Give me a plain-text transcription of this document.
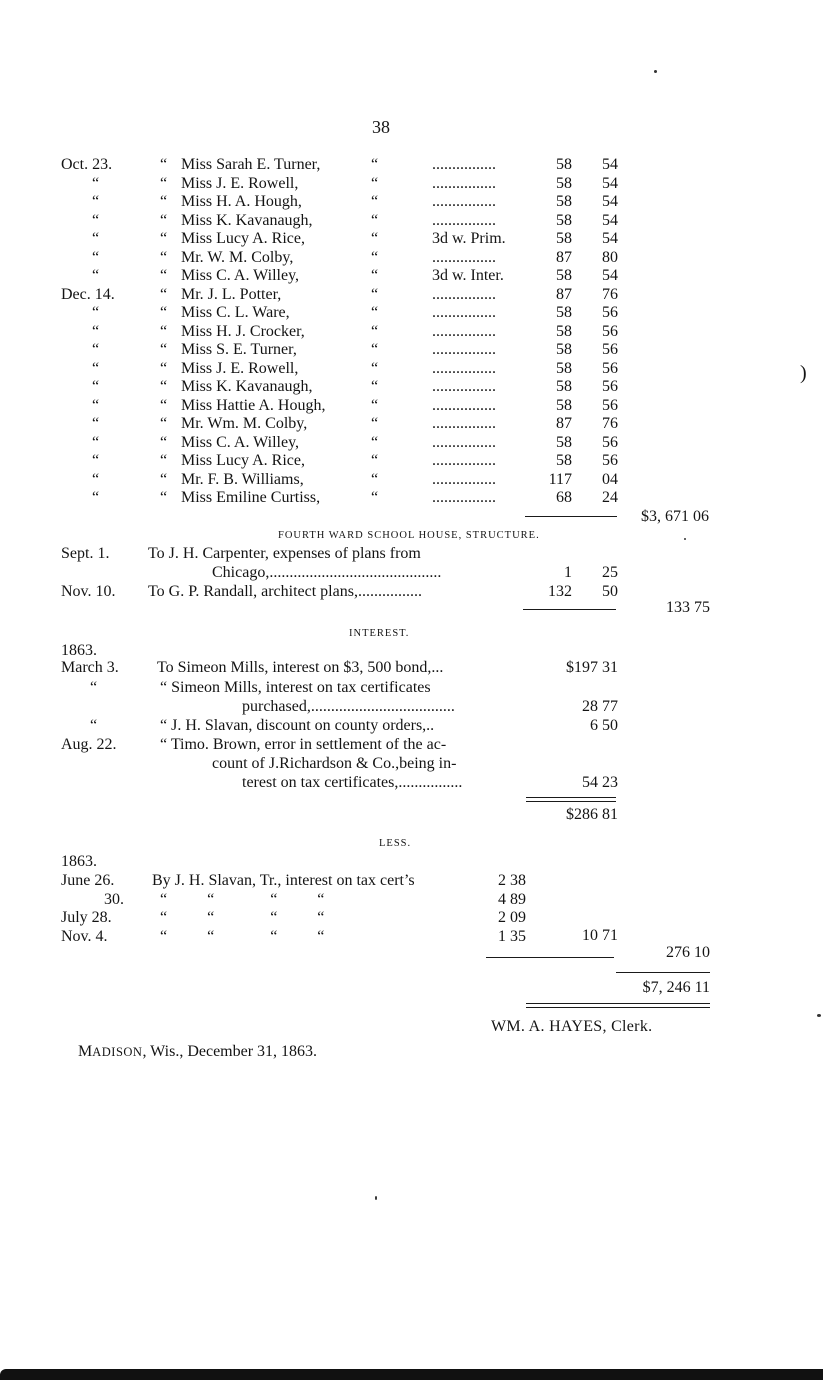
38
Oct. 23.	“ Miss Sarah E. Turner,	“	................	58	54
“	“ Miss J. E. Rowell,	“	................	58	54
“	“ Miss H. A. Hough,	“	................	58	54
“	“ Miss K. Kavanaugh,	“	................	58	54
“	“ Miss Lucy A. Rice,	“	3d w. Prim.	58	54
“	“ Mr. W. M. Colby,	“	................	87	80
“	“ Miss C. A. Willey,	“	3d w. Inter.	58	54
Dec. 14.	“ Mr. J. L. Potter,	“	................	87	76
“	“ Miss C. L. Ware,	“	................	58	56
“	“ Miss H. J. Crocker,	“	................	58	56
“	“ Miss S. E. Turner,	“	................	58	56
“	“ Miss J. E. Rowell,	“	................	58	56
“	“ Miss K. Kavanaugh,	“	................	58	56
“	“ Miss Hattie A. Hough,	“	................	58	56
“	“ Mr. Wm. M. Colby,	“	................	87	76
“	“ Miss C. A. Willey,	“	................	58	56
“	“ Miss Lucy A. Rice,	“	................	58	56
“	“ Mr. F. B. Williams,	“	................	117	04
“	“ Miss Emiline Curtiss,	“	................	68	24
$3, 671 06
FOURTH WARD SCHOOL HOUSE, STRUCTURE.
Sept. 1. To J. H. Carpenter, expenses of plans from
Chicago,...........................................	1	25
Nov. 10. To G. P. Randall, architect plans,................	132	50
133 75
INTEREST.
1863.
March 3. To Simeon Mills, interest on $3, 500 bond,...	$197 31
“	“ Simeon Mills, interest on tax certificates
purchased,....................................	28 77
“	“ J. H. Slavan, discount on county orders,..	6 50
Aug. 22.	“ Timo. Brown, error in settlement of the ac-
count of J.Richardson & Co.,being in-
terest on tax certificates,................	54 23
$286 81
LESS.
1863.
June 26. By J. H. Slavan, Tr., interest on tax cert’s	2 38
30. “          “              “          “	4 89
July 28.	“          “              “          “	2 09
Nov. 4.	“          “              “          “	1 35	10 71
276 10
$7, 246 11
WM. A. HAYES, Clerk.
MADISON, Wis., December 31, 1863.
)
